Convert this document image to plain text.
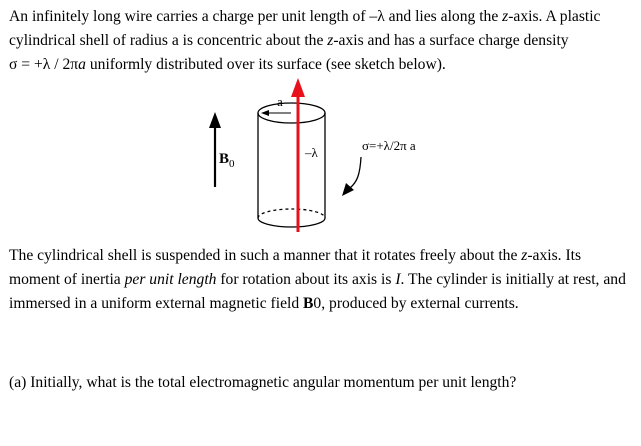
An infinitely long wire carries a charge per unit length of –λ and lies along the z-axis. A plastic cylindrical shell of radius a is concentric about the z-axis and has a surface charge density σ = +λ / 2πa uniformly distributed over its surface (see sketch below).

$B_0$
a
–λ	σ=+λ/2π a

The cylindrical shell is suspended in such a manner that it rotates freely about the z-axis. Its moment of inertia per unit length for rotation about its axis is I. The cylinder is initially at rest, and immersed in a uniform external magnetic field B0, produced by external currents.

(a) Initially, what is the total electromagnetic angular momentum per unit length?
